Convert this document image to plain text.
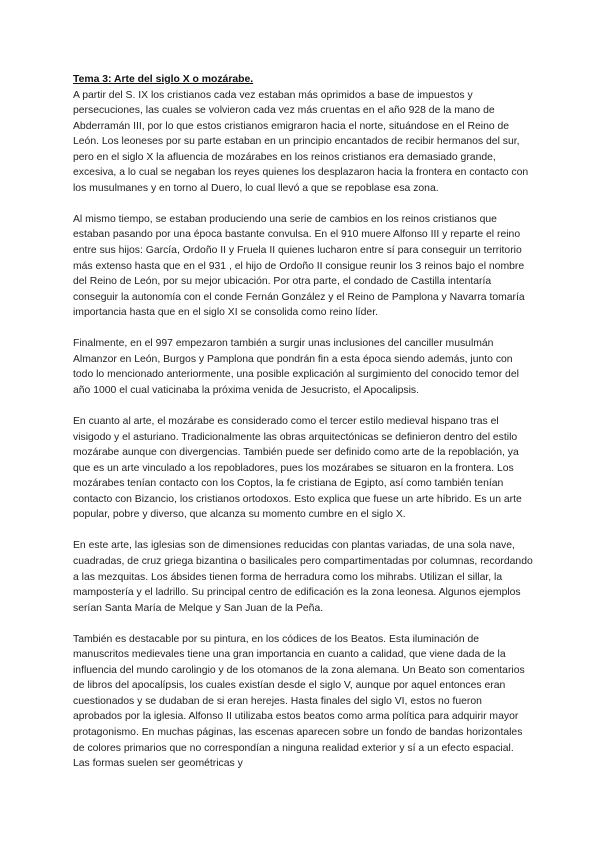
Tema 3: Arte del siglo X o mozárabe.

A partir del S. IX los cristianos cada vez estaban más oprimidos a base de impuestos y persecuciones, las cuales se volvieron cada vez más cruentas en el año 928 de la mano de Abderramán III, por lo que estos cristianos emigraron hacia el norte, situándose en el Reino de León. Los leoneses por su parte estaban en un principio encantados de recibir hermanos del sur, pero en el siglo X la afluencia de mozárabes en los reinos cristianos era demasiado grande, excesiva, a lo cual se negaban los reyes quienes los desplazaron hacia la frontera en contacto con los musulmanes y en torno al Duero, lo cual llevó a que se repoblase esa zona.

Al mismo tiempo, se estaban produciendo una serie de cambios en los reinos cristianos que estaban pasando por una época bastante convulsa. En el 910 muere Alfonso III y reparte el reino entre sus hijos: García, Ordoño II y Fruela II quienes lucharon entre sí para conseguir un territorio más extenso hasta que en el 931 , el hijo de Ordoño II consigue reunir los 3 reinos bajo el nombre del Reino de León, por su mejor ubicación. Por otra parte, el condado de Castilla intentaría conseguir la autonomía con el conde Fernán González y el Reino de Pamplona y Navarra tomaría importancia hasta que en el siglo XI se consolida como reino líder.

Finalmente, en el 997 empezaron también a surgir unas inclusiones del canciller musulmán Almanzor en León, Burgos y Pamplona que pondrán fin a esta época siendo además, junto con todo lo mencionado anteriormente, una posible explicación al surgimiento del conocido temor del año 1000 el cual vaticinaba la próxima venida de Jesucristo, el Apocalipsis.

En cuanto al arte, el mozárabe es considerado como el tercer estilo medieval hispano tras el visigodo y el asturiano. Tradicionalmente las obras arquitectónicas se definieron dentro del estilo mozárabe aunque con divergencias. También puede ser definido como arte de la repoblación, ya que es un arte vinculado a los repobladores, pues los mozárabes se situaron en la frontera. Los mozárabes tenían contacto con los Coptos, la fe cristiana de Egipto, así como también tenían contacto con Bizancio, los cristianos ortodoxos. Esto explica que fuese un arte híbrido. Es un arte popular, pobre y diverso, que alcanza su momento cumbre en el siglo X.

En este arte, las iglesias son de dimensiones reducidas con plantas variadas, de una sola nave, cuadradas, de cruz griega bizantina o basilicales pero compartimentadas por columnas, recordando a las mezquitas. Los ábsides tienen forma de herradura como los mihrabs. Utilizan el sillar, la mampostería y el ladrillo. Su principal centro de edificación es la zona leonesa. Algunos ejemplos serían Santa María de Melque y San Juan de la Peña.

También es destacable por su pintura, en los códices de los Beatos. Esta iluminación de manuscritos medievales tiene una gran importancia en cuanto a calidad, que viene dada de la influencia del mundo carolingio y de los otomanos de la zona alemana. Un Beato son comentarios de libros del apocalípsis, los cuales existían desde el siglo V, aunque por aquel entonces eran cuestionados y se dudaban de si eran herejes. Hasta finales del siglo VI, estos no fueron aprobados por la iglesia. Alfonso II utilizaba estos beatos como arma política para adquirir mayor protagonismo. En muchas páginas, las escenas aparecen sobre un fondo de bandas horizontales de colores primarios que no correspondían a ninguna realidad exterior y sí a un efecto espacial. Las formas suelen ser geométricas y
